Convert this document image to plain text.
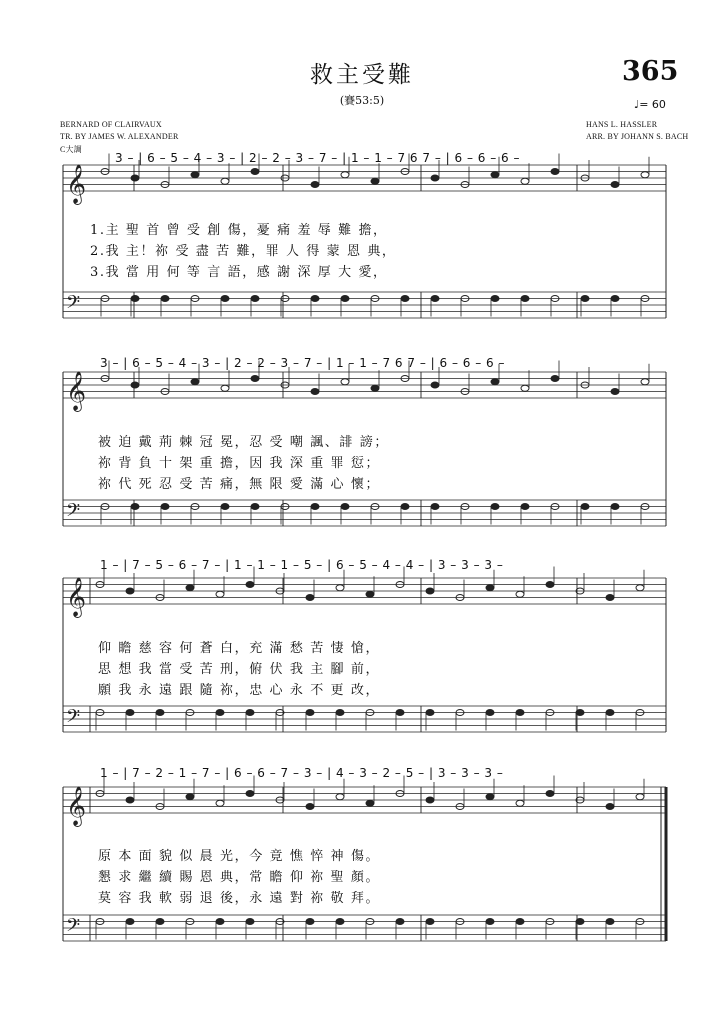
救主受難
(賽53:5)
365
♩= 60
BERNARD OF CLAIRVAUX
TR. BY JAMES W. ALEXANDER
C大調
HANS L. HASSLER
ARR. BY JOHANN S. BACH
3 – | 6 – 5 – 4 – 3 – | 2 – 2 – 3 – 7 – | 1 – 1 – 7 6 7 – | 6 – 6 – 6 –
1.主 聖 首 曾 受 創 傷，憂 痛 羞 辱 難 擔，
2.我 主！祢 受 盡 苦 難，罪 人 得 蒙 恩 典，
3.我 當 用 何 等 言 語，感 謝 深 厚 大 愛，
3 – | 6 – 5 – 4 – 3 – | 2 – 2 – 3 – 7 – | 1 – 1 – 7 6 7 – | 6 – 6 – 6 –
被 迫 戴 荊 棘 冠 冕，忍 受 嘲 諷、誹 謗；
祢 背 負 十 架 重 擔，因 我 深 重 罪 愆；
祢 代 死 忍 受 苦 痛，無 限 愛 滿 心 懷；
1 – | 7 – 5 – 6 – 7 – | 1 – 1 – 1 – 5 – | 6 – 5 – 4 – 4 – | 3 – 3 – 3 –
仰 瞻 慈 容 何 蒼 白，充 滿 愁 苦 悽 愴，
思 想 我 當 受 苦 刑，俯 伏 我 主 腳 前，
願 我 永 遠 跟 隨 祢，忠 心 永 不 更 改，
1 – | 7 – 2 – 1 – 7 – | 6 – 6 – 7 – 3 – | 4 – 3 – 2 – 5 – | 3 – 3 – 3 –
原 本 面 貌 似 晨 光，今 竟 憔 悴 神 傷。
懇 求 繼 續 賜 恩 典，常 瞻 仰 祢 聖 顏。
莫 容 我 軟 弱 退 後，永 遠 對 祢 敬 拜。
𝄞
𝄢
𝄞
𝄢
𝄞
𝄢
𝄞
𝄢
